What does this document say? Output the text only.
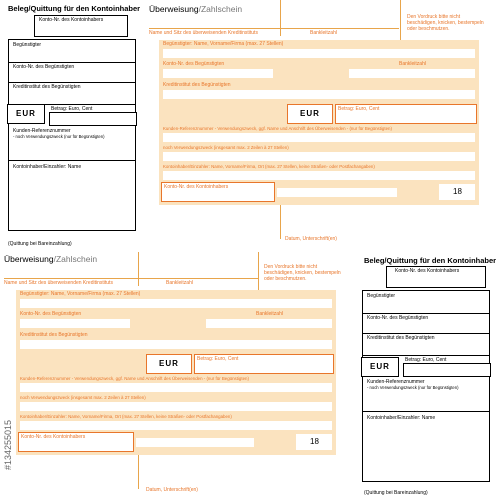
Beleg/Quittung für den Kontoinhaber
Konto-Nr. des Kontoinhabers
Begünstigter
Konto-Nr. des Begünstigten
Kreditinstitut des Begünstigten
EUR	Betrag: Euro, Cent
Kunden-Referenznummer
- noch Verwendungszweck (nur für Begünstigten)
Kontoinhaber/Einzahler: Name
(Quittung bei Bareinzahlung)
Überweisung/Zahlschein
Name und Sitz des überweisenden Kreditinstituts	Bankleitzahl
Den Vordruck bitte nicht beschädigen, knicken, bestempeln oder beschmutzen.
Begünstigter: Name, Vorname/Firma (max. 27 Stellen)
Konto-Nr. des Begünstigten	Bankleitzahl
Kreditinstitut des Begünstigten
EUR	Betrag: Euro, Cent
Kunden-Referenznummer - Verwendungszweck, ggf. Name und Anschrift des Überweisenden - (nur für Begünstigten)
noch Verwendungszweck (insgesamt max. 2 Zeilen à 27 Stellen)
Kontoinhaber/Einzahler: Name, Vorname/Firma, Ort (max. 27 Stellen, keine Straßen- oder Postfachangaben)
Konto-Nr. des Kontoinhabers	18
Datum, Unterschrift(en)
Überweisung/Zahlschein
Name und Sitz des überweisenden Kreditinstituts	Bankleitzahl
Den Vordruck bitte nicht beschädigen, knicken, bestempeln oder beschmutzen.
Begünstigter: Name, Vorname/Firma (max. 27 Stellen)
Konto-Nr. des Begünstigten	Bankleitzahl
Kreditinstitut des Begünstigten
EUR	Betrag: Euro, Cent
Kunden-Referenznummer - Verwendungszweck, ggf. Name und Anschrift des Überweisenden - (nur für Begünstigten)
noch Verwendungszweck (insgesamt max. 2 Zeilen à 27 Stellen)
Kontoinhaber/Einzahler: Name, Vorname/Firma, Ort (max. 27 Stellen, keine Straßen- oder Postfachangaben)
Konto-Nr. des Kontoinhabers	18
Datum, Unterschrift(en)
Beleg/Quittung für den Kontoinhaber
Konto-Nr. des Kontoinhabers
Begünstigter
Konto-Nr. des Begünstigten
Kreditinstitut des Begünstigten
EUR
Betrag: Euro, Cent
Kunden-Referenznummer
- noch Verwendungszweck (nur für Begünstigten)
Kontoinhaber/Einzahler: Name
(Quittung bei Bareinzahlung)
#134255015
